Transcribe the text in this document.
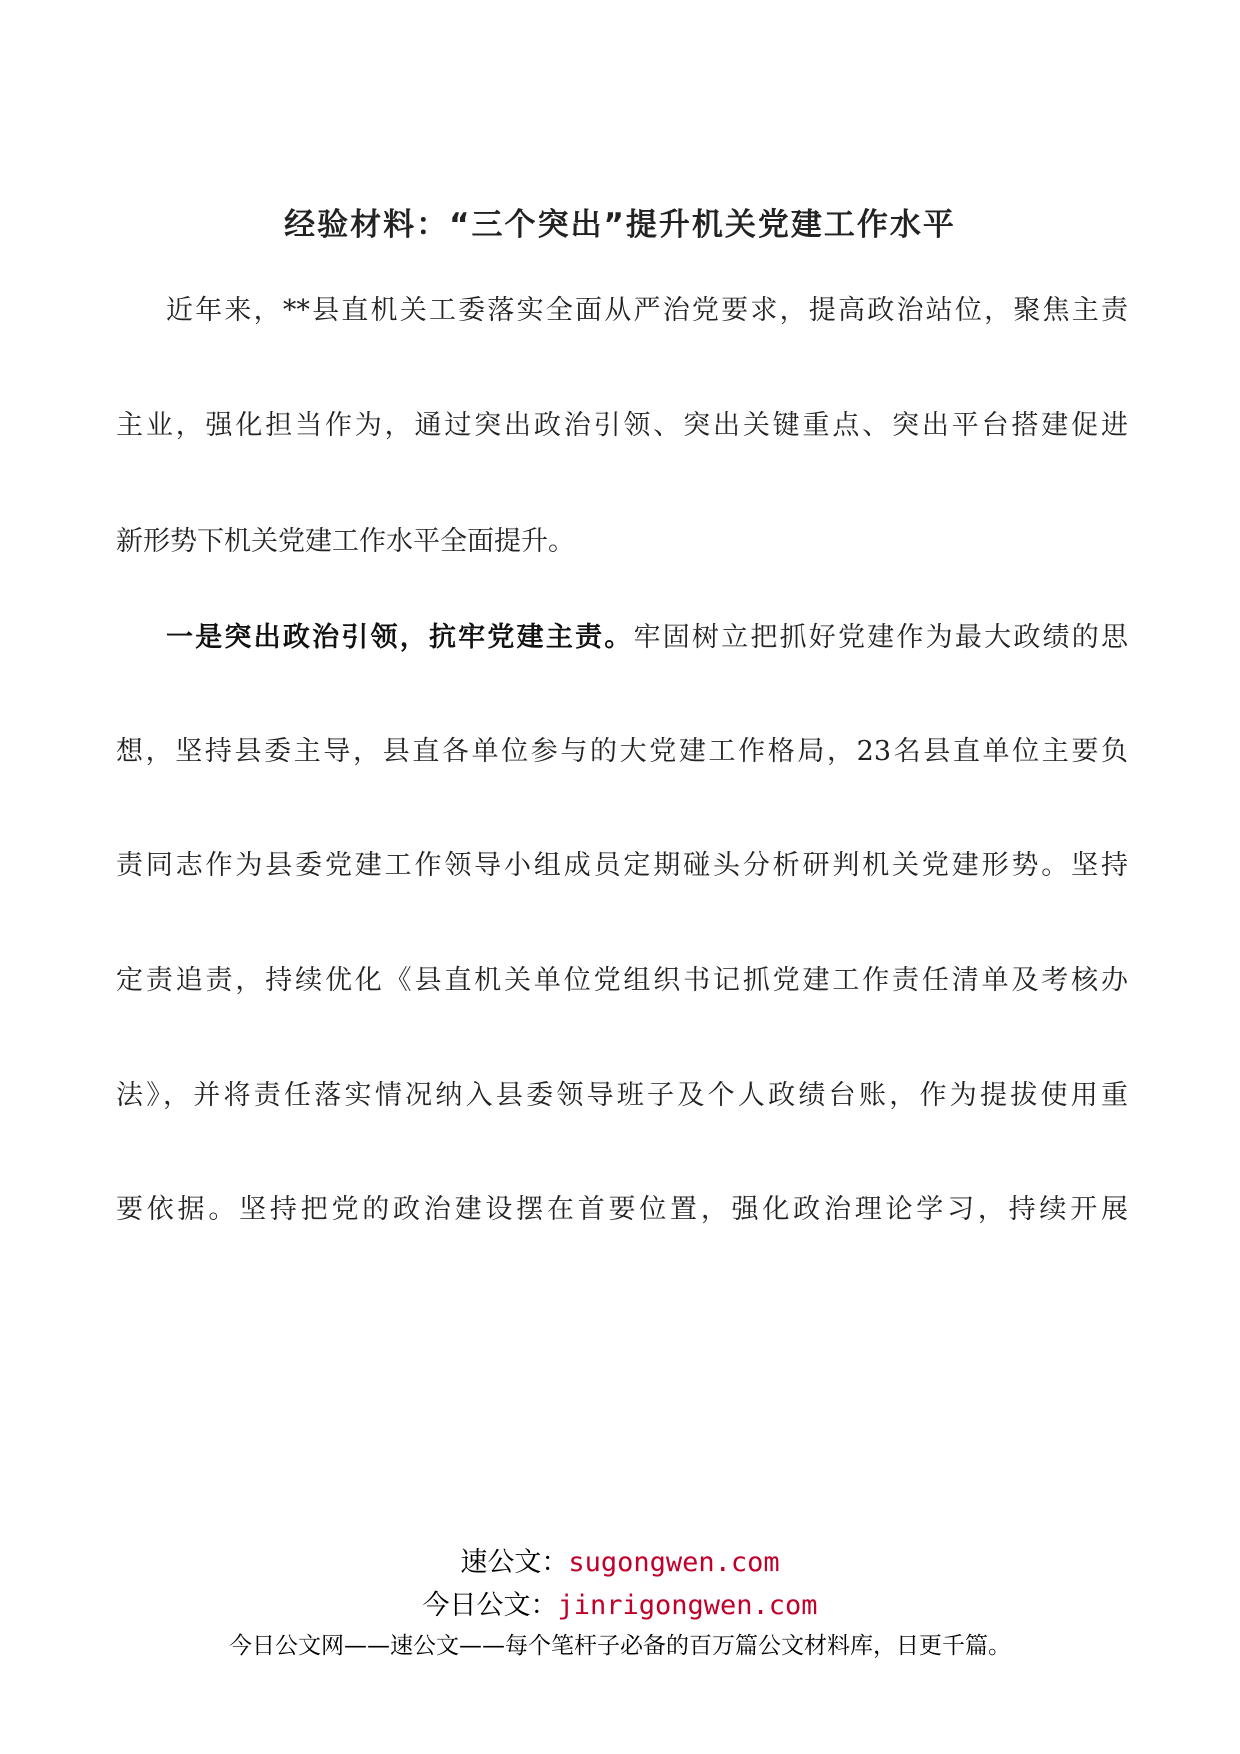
经验材料：“三个突出”提升机关党建工作水平
近年来，**县直机关工委落实全面从严治党要求，提高政治站位，聚焦主责
主业，强化担当作为，通过突出政治引领、突出关键重点、突出平台搭建促进
新形势下机关党建工作水平全面提升。
一是突出政治引领，抗牢党建主责。牢固树立把抓好党建作为最大政绩的思
想，坚持县委主导，县直各单位参与的大党建工作格局，23名县直单位主要负
责同志作为县委党建工作领导小组成员定期碰头分析研判机关党建形势。坚持
定责追责，持续优化《县直机关单位党组织书记抓党建工作责任清单及考核办
法》，并将责任落实情况纳入县委领导班子及个人政绩台账，作为提拔使用重
要依据。坚持把党的政治建设摆在首要位置，强化政治理论学习，持续开展
速公文：sugongwen.com
今日公文：jinrigongwen.com
今日公文网——速公文——每个笔杆子必备的百万篇公文材料库，日更千篇。
